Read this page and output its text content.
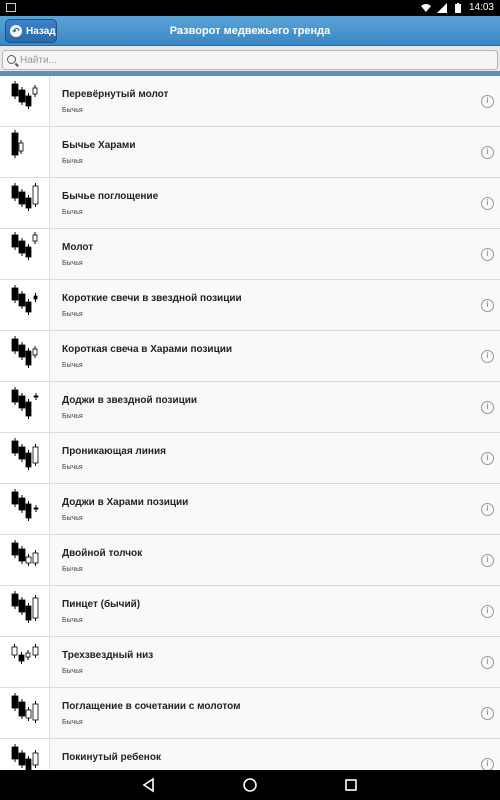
14:03
Разворот медвежьего тренда
↶ Назад
Найти...
Перевёрнутый молот
Бычья
i
Бычье Харами
Бычья
i
Бычье поглощение
Бычья
i
Молот
Бычья
i
Короткие свечи в звездной позиции
Бычья
i
Короткая свеча в Харами позиции
Бычья
i
Доджи в звездной позиции
Бычья
i
Проникающая линия
Бычья
i
Доджи в Харами позиции
Бычья
i
Двойной толчок
Бычья
i
Пинцет (бычий)
Бычья
i
Трехзвездный низ
Бычья
i
Поглащение в сочетании с молотом
Бычья
i
Покинутый ребенок
i
